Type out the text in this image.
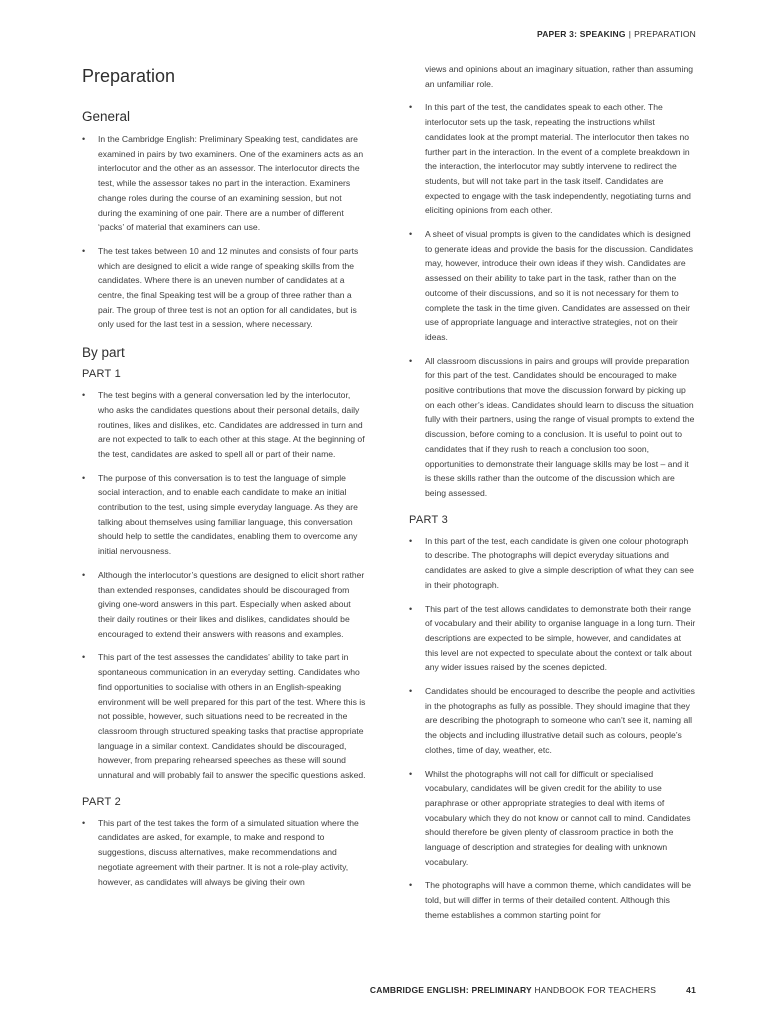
PAPER 3: SPEAKING | PREPARATION
Preparation
General
• In the Cambridge English: Preliminary Speaking test, candidates are examined in pairs by two examiners. One of the examiners acts as an interlocutor and the other as an assessor. The interlocutor directs the test, while the assessor takes no part in the interaction. Examiners change roles during the course of an examining session, but not during the examining of one pair. There are a number of different ‘packs’ of material that examiners can use.
• The test takes between 10 and 12 minutes and consists of four parts which are designed to elicit a wide range of speaking skills from the candidates. Where there is an uneven number of candidates at a centre, the final Speaking test will be a group of three rather than a pair. The group of three test is not an option for all candidates, but is only used for the last test in a session, where necessary.
By part
PART 1
• The test begins with a general conversation led by the interlocutor, who asks the candidates questions about their personal details, daily routines, likes and dislikes, etc. Candidates are addressed in turn and are not expected to talk to each other at this stage. At the beginning of the test, candidates are asked to spell all or part of their name.
• The purpose of this conversation is to test the language of simple social interaction, and to enable each candidate to make an initial contribution to the test, using simple everyday language. As they are talking about themselves using familiar language, this conversation should help to settle the candidates, enabling them to overcome any initial nervousness.
• Although the interlocutor’s questions are designed to elicit short rather than extended responses, candidates should be discouraged from giving one-word answers in this part. Especially when asked about their daily routines or their likes and dislikes, candidates should be encouraged to extend their answers with reasons and examples.
• This part of the test assesses the candidates’ ability to take part in spontaneous communication in an everyday setting. Candidates who find opportunities to socialise with others in an English-speaking environment will be well prepared for this part of the test. Where this is not possible, however, such situations need to be recreated in the classroom through structured speaking tasks that practise appropriate language in a similar context. Candidates should be discouraged, however, from preparing rehearsed speeches as these will sound unnatural and will probably fail to answer the specific questions asked.
PART 2
• This part of the test takes the form of a simulated situation where the candidates are asked, for example, to make and respond to suggestions, discuss alternatives, make recommendations and negotiate agreement with their partner. It is not a role-play activity, however, as candidates will always be giving their own
views and opinions about an imaginary situation, rather than assuming an unfamiliar role.
• In this part of the test, the candidates speak to each other. The interlocutor sets up the task, repeating the instructions whilst candidates look at the prompt material. The interlocutor then takes no further part in the interaction. In the event of a complete breakdown in the interaction, the interlocutor may subtly intervene to redirect the students, but will not take part in the task itself. Candidates are expected to engage with the task independently, negotiating turns and eliciting opinions from each other.
• A sheet of visual prompts is given to the candidates which is designed to generate ideas and provide the basis for the discussion. Candidates may, however, introduce their own ideas if they wish. Candidates are assessed on their ability to take part in the task, rather than on the outcome of their discussions, and so it is not necessary for them to complete the task in the time given. Candidates are assessed on their use of appropriate language and interactive strategies, not on their ideas.
• All classroom discussions in pairs and groups will provide preparation for this part of the test. Candidates should be encouraged to make positive contributions that move the discussion forward by picking up on each other’s ideas. Candidates should learn to discuss the situation fully with their partners, using the range of visual prompts to extend the discussion, before coming to a conclusion. It is useful to point out to candidates that if they rush to reach a conclusion too soon, opportunities to demonstrate their language skills may be lost – and it is these skills rather than the outcome of the discussion which are being assessed.
PART 3
• In this part of the test, each candidate is given one colour photograph to describe. The photographs will depict everyday situations and candidates are asked to give a simple description of what they can see in their photograph.
• This part of the test allows candidates to demonstrate both their range of vocabulary and their ability to organise language in a long turn. Their descriptions are expected to be simple, however, and candidates at this level are not expected to speculate about the context or talk about any wider issues raised by the scenes depicted.
• Candidates should be encouraged to describe the people and activities in the photographs as fully as possible. They should imagine that they are describing the photograph to someone who can’t see it, naming all the objects and including illustrative detail such as colours, people’s clothes, time of day, weather, etc.
• Whilst the photographs will not call for difficult or specialised vocabulary, candidates will be given credit for the ability to use paraphrase or other appropriate strategies to deal with items of vocabulary which they do not know or cannot call to mind. Candidates should therefore be given plenty of classroom practice in both the language of description and strategies for dealing with unknown vocabulary.
• The photographs will have a common theme, which candidates will be told, but will differ in terms of their detailed content. Although this theme establishes a common starting point for
CAMBRIDGE ENGLISH: PRELIMINARY HANDBOOK FOR TEACHERS	41
